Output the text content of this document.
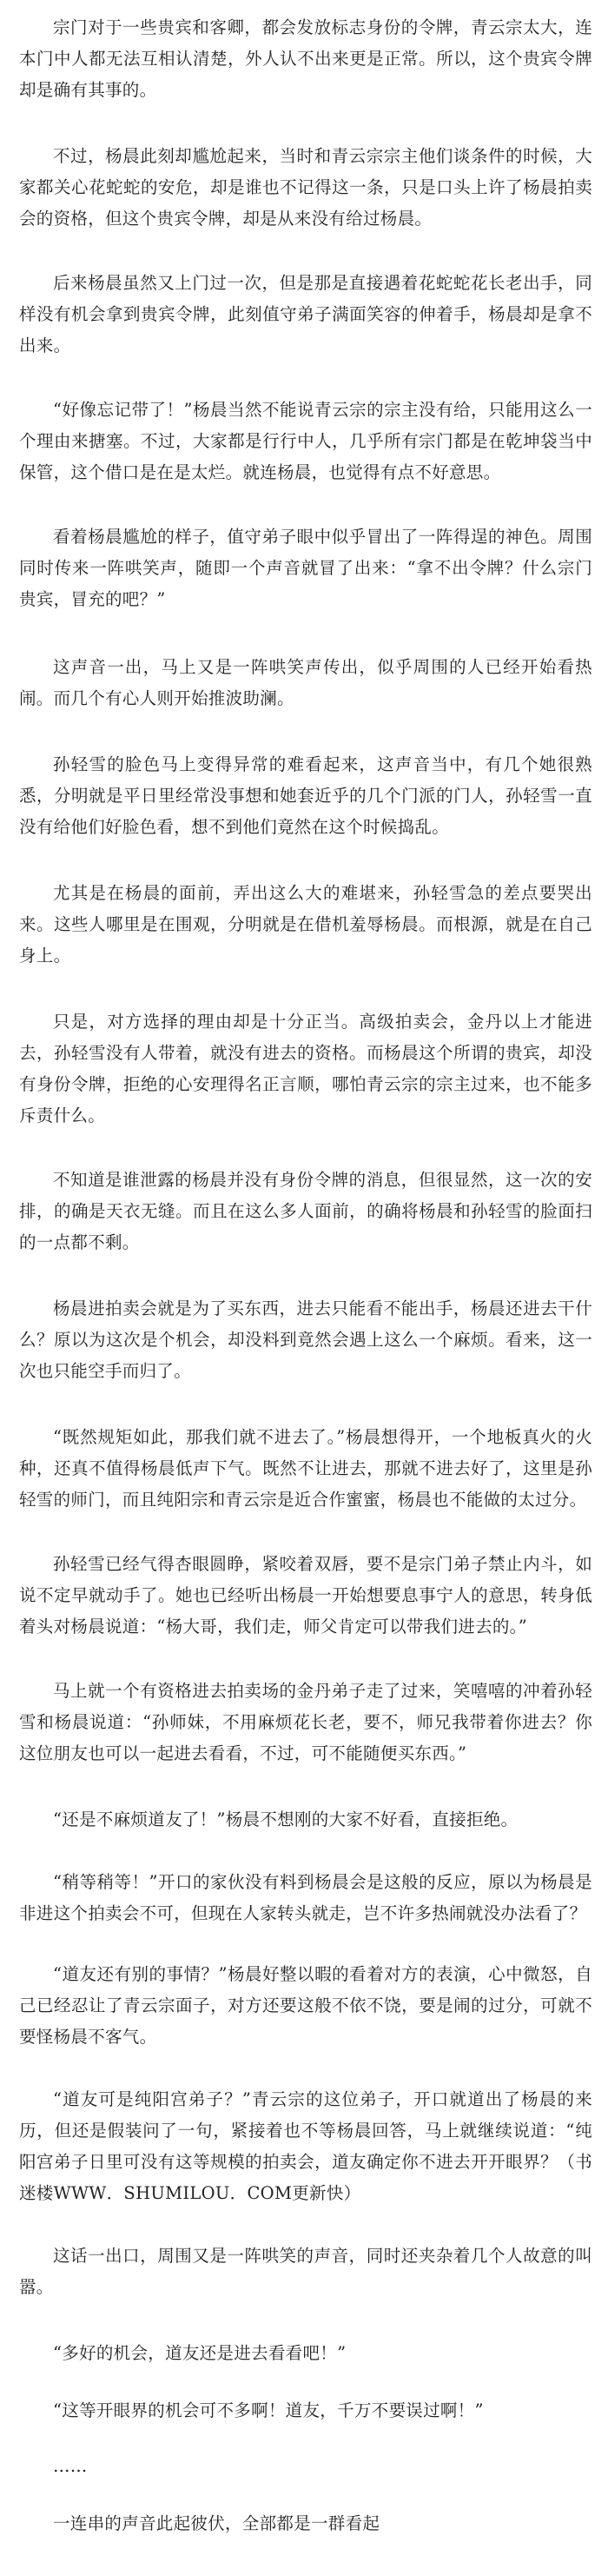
宗门对于一些贵宾和客卿，都会发放标志身份的令牌，青云宗太大，连本门中人都无法互相认清楚，外人认不出来更是正常。所以，这个贵宾令牌却是确有其事的。

不过，杨晨此刻却尴尬起来，当时和青云宗宗主他们谈条件的时候，大家都关心花蛇蛇的安危，却是谁也不记得这一条，只是口头上许了杨晨拍卖会的资格，但这个贵宾令牌，却是从来没有给过杨晨。

后来杨晨虽然又上门过一次，但是那是直接遇着花蛇蛇花长老出手，同样没有机会拿到贵宾令牌，此刻值守弟子满面笑容的伸着手，杨晨却是拿不出来。

“好像忘记带了！”杨晨当然不能说青云宗的宗主没有给，只能用这么一个理由来搪塞。不过，大家都是行行中人，几乎所有宗门都是在乾坤袋当中保管，这个借口是在是太烂。就连杨晨，也觉得有点不好意思。

看着杨晨尴尬的样子，值守弟子眼中似乎冒出了一阵得逞的神色。周围同时传来一阵哄笑声，随即一个声音就冒了出来：“拿不出令牌？什么宗门贵宾，冒充的吧？”

这声音一出，马上又是一阵哄笑声传出，似乎周围的人已经开始看热闹。而几个有心人则开始推波助澜。

孙轻雪的脸色马上变得异常的难看起来，这声音当中，有几个她很熟悉，分明就是平日里经常没事想和她套近乎的几个门派的门人，孙轻雪一直没有给他们好脸色看，想不到他们竟然在这个时候捣乱。

尤其是在杨晨的面前，弄出这么大的难堪来，孙轻雪急的差点要哭出来。这些人哪里是在围观，分明就是在借机羞辱杨晨。而根源，就是在自己身上。

只是，对方选择的理由却是十分正当。高级拍卖会，金丹以上才能进去，孙轻雪没有人带着，就没有进去的资格。而杨晨这个所谓的贵宾，却没有身份令牌，拒绝的心安理得名正言顺，哪怕青云宗的宗主过来，也不能多斥责什么。

不知道是谁泄露的杨晨并没有身份令牌的消息，但很显然，这一次的安排，的确是天衣无缝。而且在这么多人面前，的确将杨晨和孙轻雪的脸面扫的一点都不剩。

杨晨进拍卖会就是为了买东西，进去只能看不能出手，杨晨还进去干什么？原以为这次是个机会，却没料到竟然会遇上这么一个麻烦。看来，这一次也只能空手而归了。

“既然规矩如此，那我们就不进去了。”杨晨想得开，一个地板真火的火种，还真不值得杨晨低声下气。既然不让进去，那就不进去好了，这里是孙轻雪的师门，而且纯阳宗和青云宗是近合作蜜蜜，杨晨也不能做的太过分。

孙轻雪已经气得杏眼圆睁，紧咬着双唇，要不是宗门弟子禁止内斗，如说不定早就动手了。她也已经听出杨晨一开始想要息事宁人的意思，转身低着头对杨晨说道：“杨大哥，我们走，师父肯定可以带我们进去的。”

马上就一个有资格进去拍卖场的金丹弟子走了过来，笑嘻嘻的冲着孙轻雪和杨晨说道：“孙师妹，不用麻烦花长老，要不，师兄我带着你进去？你这位朋友也可以一起进去看看，不过，可不能随便买东西。”

“还是不麻烦道友了！”杨晨不想刚的大家不好看，直接拒绝。

“稍等稍等！”开口的家伙没有料到杨晨会是这般的反应，原以为杨晨是非进这个拍卖会不可，但现在人家转头就走，岂不许多热闹就没办法看了？

“道友还有别的事情？”杨晨好整以暇的看着对方的表演，心中微怒，自己已经忍让了青云宗面子，对方还要这般不依不饶，要是闹的过分，可就不要怪杨晨不客气。

“道友可是纯阳宫弟子？”青云宗的这位弟子，开口就道出了杨晨的来历，但还是假装问了一句，紧接着也不等杨晨回答，马上就继续说道：“纯阳宫弟子日里可没有这等规模的拍卖会，道友确定你不进去开开眼界？（书迷楼WWW．SHUMILOU．COM更新快）

这话一出口，周围又是一阵哄笑的声音，同时还夹杂着几个人故意的叫嚣。

“多好的机会，道友还是进去看看吧！”

“这等开眼界的机会可不多啊！道友，千万不要误过啊！”

……

一连串的声音此起彼伏，全部都是一群看起
